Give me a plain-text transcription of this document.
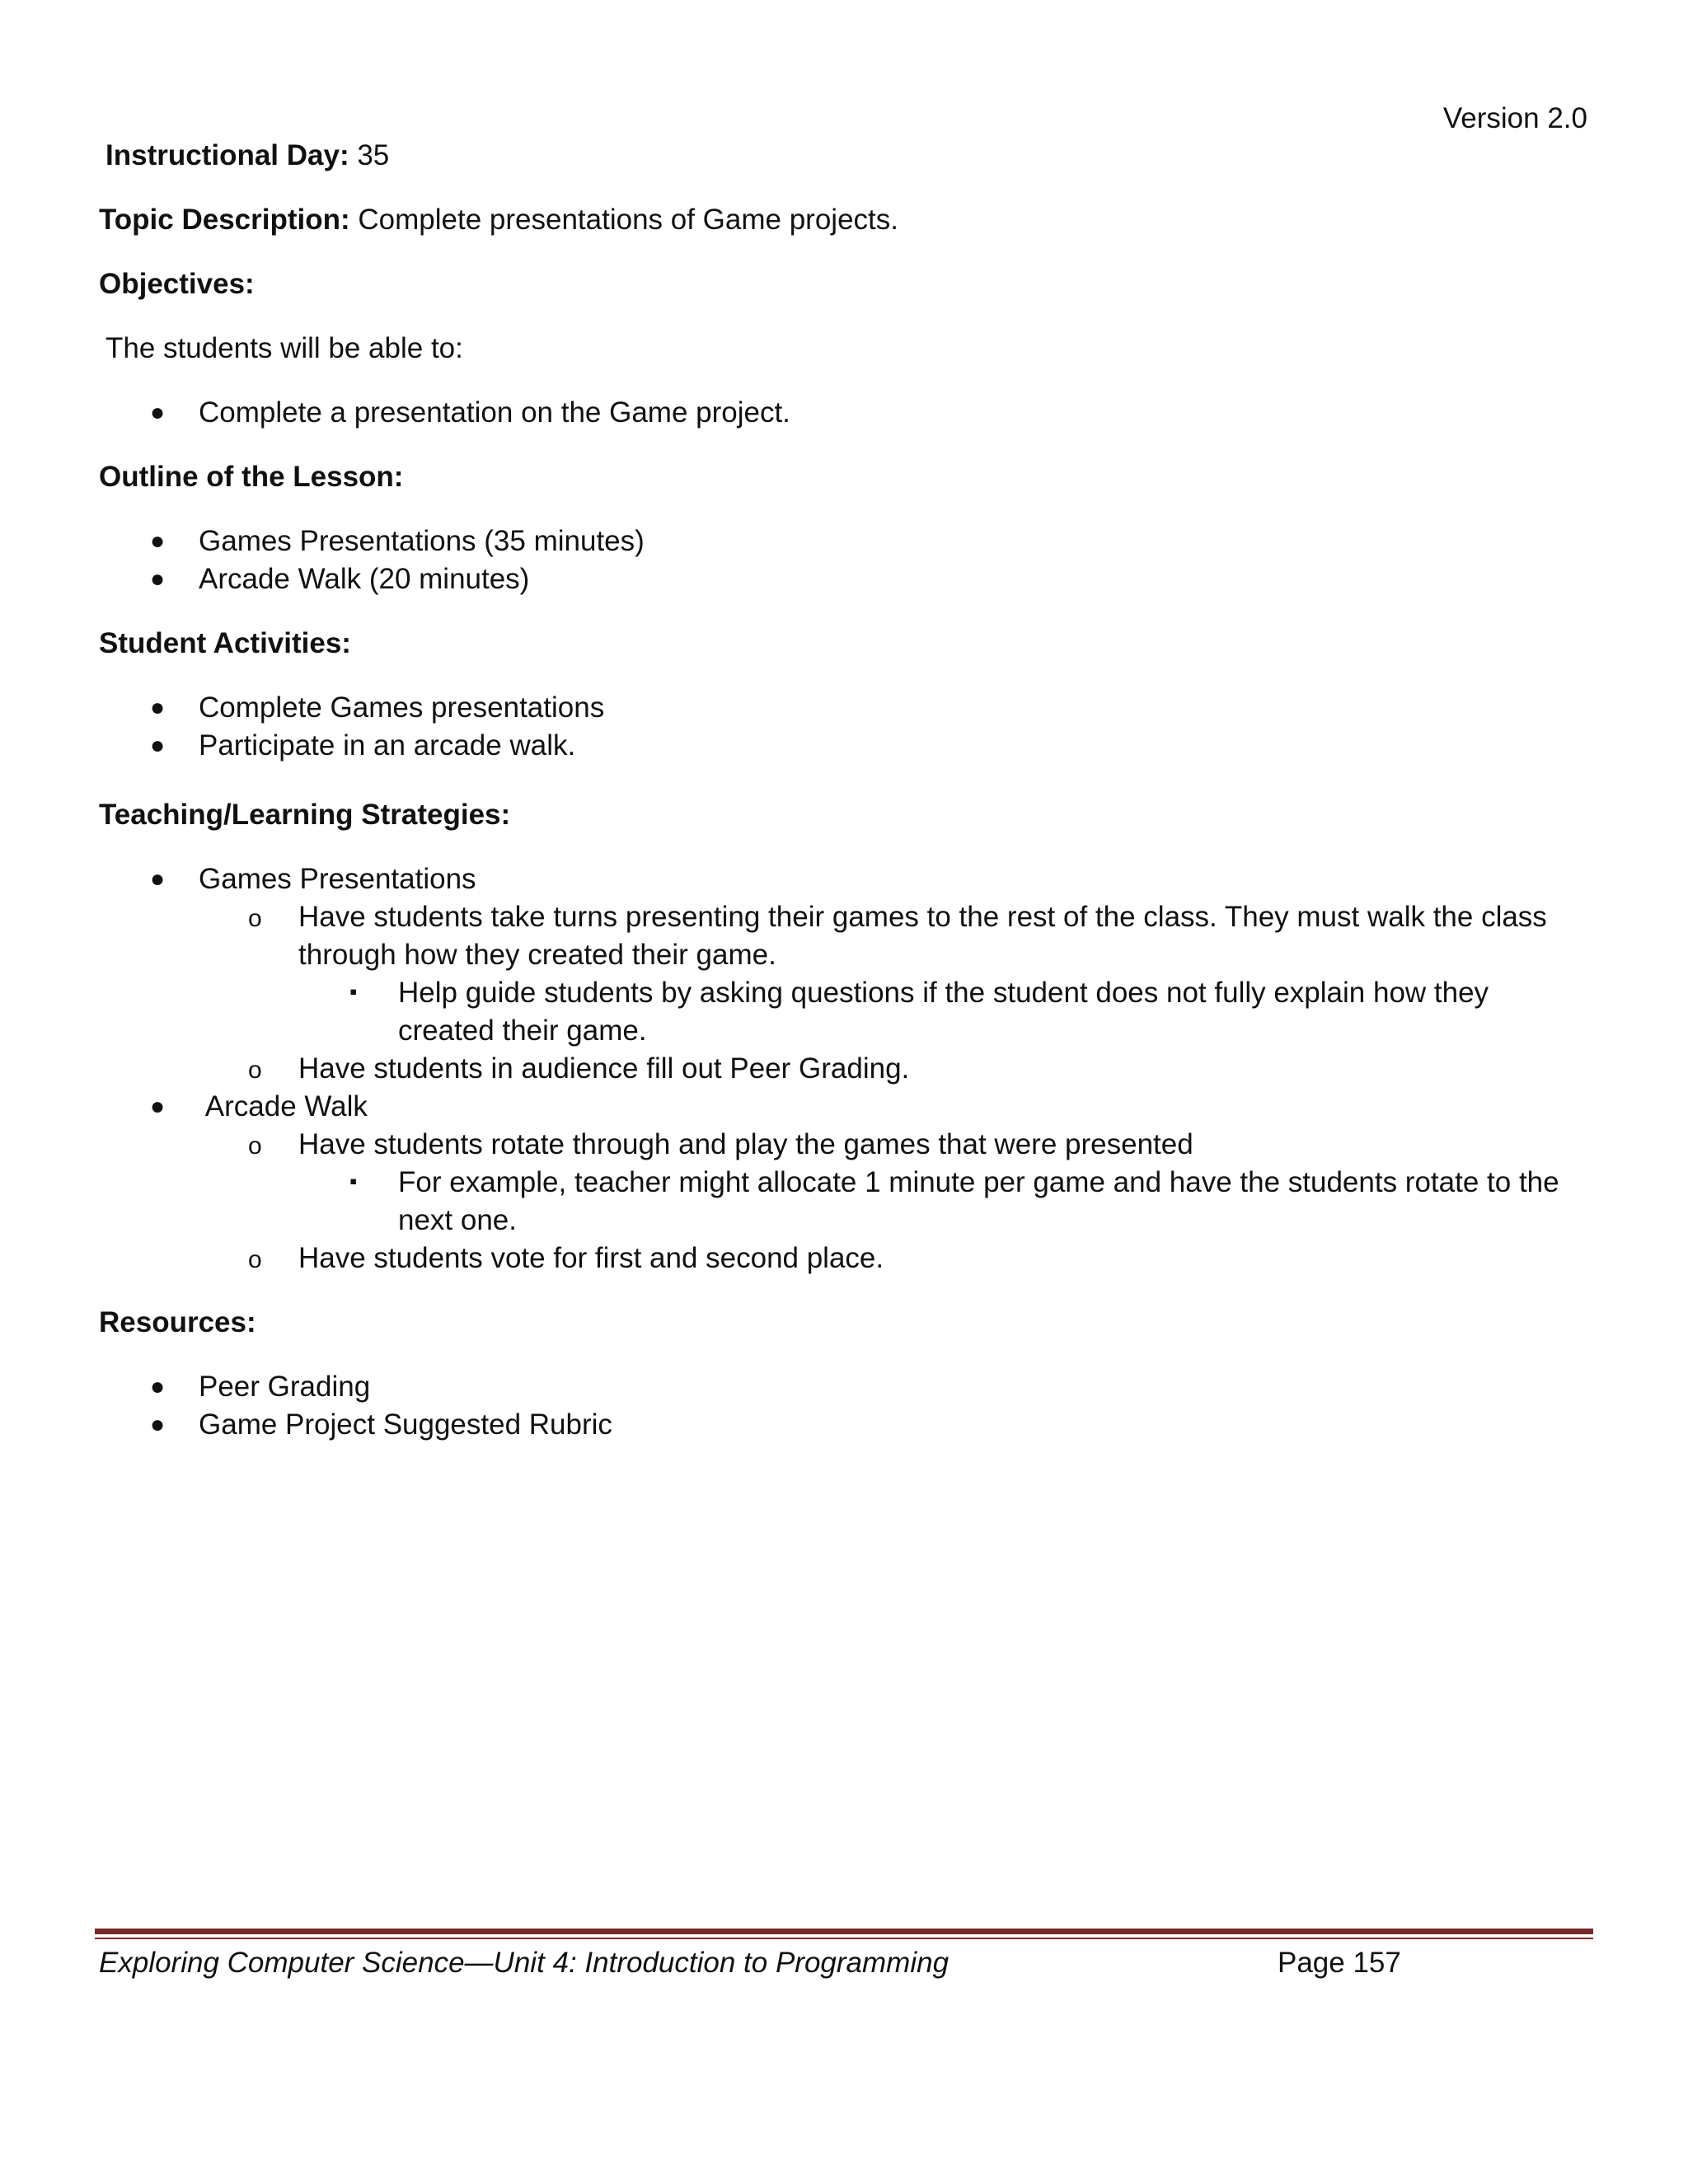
Version 2.0

Instructional Day: 35

Topic Description: Complete presentations of Game projects.

Objectives:

The students will be able to:

● Complete a presentation on the Game project.

Outline of the Lesson:

● Games Presentations (35 minutes)
● Arcade Walk (20 minutes)

Student Activities:

● Complete Games presentations
● Participate in an arcade walk.

Teaching/Learning Strategies:

● Games Presentations
o Have students take turns presenting their games to the rest of the class. They must walk the class through how they created their game.
▪ Help guide students by asking questions if the student does not fully explain how they created their game.
o Have students in audience fill out Peer Grading.
● Arcade Walk
o Have students rotate through and play the games that were presented
▪ For example, teacher might allocate 1 minute per game and have the students rotate to the next one.
o Have students vote for first and second place.

Resources:

● Peer Grading
● Game Project Suggested Rubric
Exploring Computer Science—Unit 4: Introduction to Programming	Page 157
